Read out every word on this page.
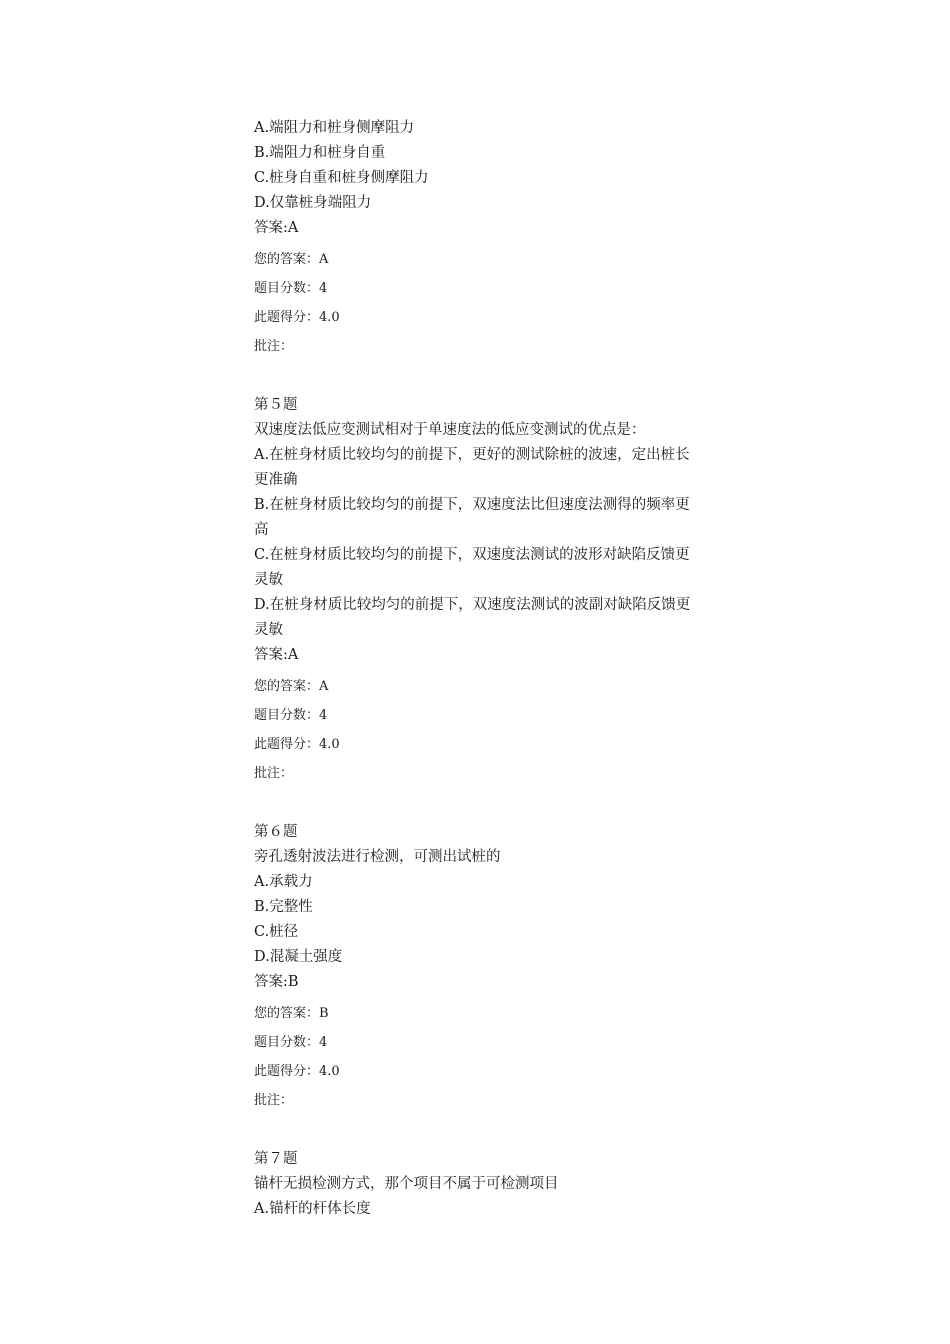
A.端阻力和桩身侧摩阻力
B.端阻力和桩身自重
C.桩身自重和桩身侧摩阻力
D.仅靠桩身端阻力
答案:A
您的答案：A
题目分数：4
此题得分：4.0
批注：
第５题
双速度法低应变测试相对于单速度法的低应变测试的优点是：
A.在桩身材质比较均匀的前提下，更好的测试除桩的波速，定出桩长更准确
B.在桩身材质比较均匀的前提下，双速度法比但速度法测得的频率更高
C.在桩身材质比较均匀的前提下，双速度法测试的波形对缺陷反馈更灵敏
D.在桩身材质比较均匀的前提下，双速度法测试的波副对缺陷反馈更灵敏
答案:A
您的答案：A
题目分数：4
此题得分：4.0
批注：
第６题
旁孔透射波法进行检测，可测出试桩的
A.承载力
B.完整性
C.桩径
D.混凝土强度
答案:B
您的答案：B
题目分数：4
此题得分：4.0
批注：
第７题
锚杆无损检测方式，那个项目不属于可检测项目
A.锚杆的杆体长度
